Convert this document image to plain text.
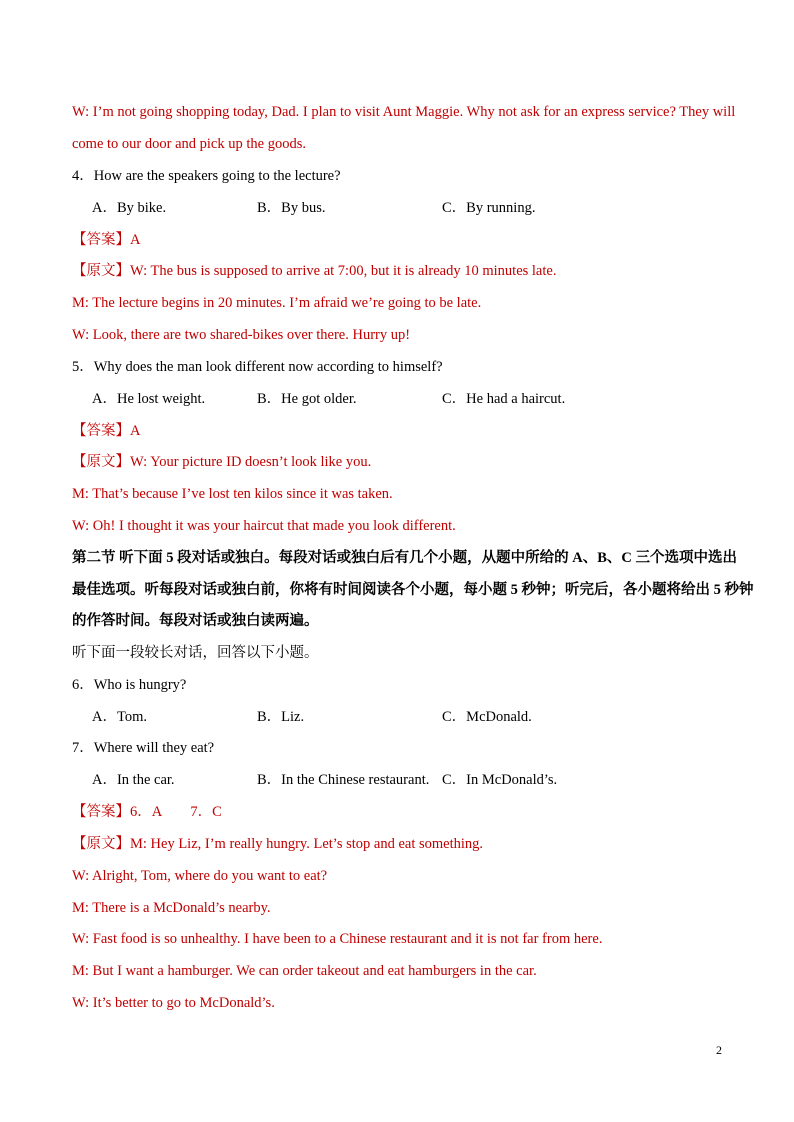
W: I’m not going shopping today, Dad. I plan to visit Aunt Maggie. Why not ask for an express service? They will
come to our door and pick up the goods.
4．How are the speakers going to the lecture?
A．By bike.	B．By bus.	C．By running.
【答案】A
【原文】W: The bus is supposed to arrive at 7:00, but it is already 10 minutes late.
M: The lecture begins in 20 minutes. I’m afraid we’re going to be late.
W: Look, there are two shared-bikes over there. Hurry up!
5．Why does the man look different now according to himself?
A．He lost weight.	B．He got older.	C．He had a haircut.
【答案】A
【原文】W: Your picture ID doesn’t look like you.
M: That’s because I’ve lost ten kilos since it was taken.
W: Oh! I thought it was your haircut that made you look different.
第二节 听下面 5 段对话或独白。每段对话或独白后有几个小题，从题中所给的 A、B、C 三个选项中选出
最佳选项。听每段对话或独白前，你将有时间阅读各个小题，每小题 5 秒钟；听完后，各小题将给出 5 秒钟
的作答时间。每段对话或独白读两遍。
听下面一段较长对话，回答以下小题。
6．Who is hungry?
A．Tom.	B．Liz.	C．McDonald.
7．Where will they eat?
A．In the car.	B．In the Chinese restaurant. C．In McDonald’s.
【答案】6．A　　7．C
【原文】M: Hey Liz, I’m really hungry. Let’s stop and eat something.
W: Alright, Tom, where do you want to eat?
M: There is a McDonald’s nearby.
W: Fast food is so unhealthy. I have been to a Chinese restaurant and it is not far from here.
M: But I want a hamburger. We can order takeout and eat hamburgers in the car.
W: It’s better to go to McDonald’s.
2
